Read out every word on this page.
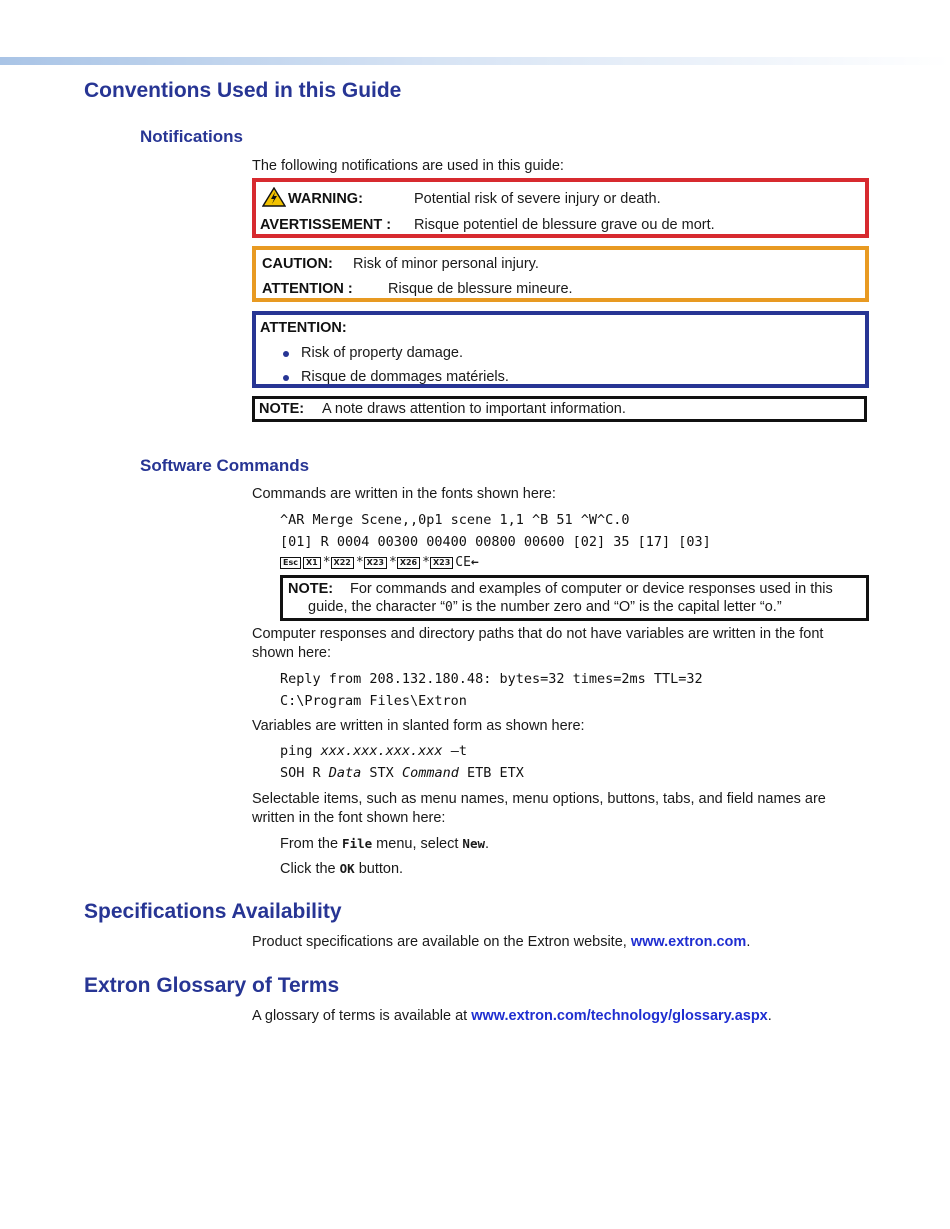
Conventions Used in this Guide
Notifications

The following notifications are used in this guide:

WARNING:	Potential risk of severe injury or death.
AVERTISSEMENT : Risque potentiel de blessure grave ou de mort.
CAUTION: Risk of minor personal injury.
ATTENTION : Risque de blessure mineure.
ATTENTION:
Risk of property damage.
Risque de dommages matériels.
NOTE: A note draws attention to important information.
Software Commands

Commands are written in the fonts shown here:

^AR Merge Scene,,0p1 scene 1,1 ^B 51 ^W^C.0
[01] R 0004 00300 00400 00800 00600 [02] 35 [17] [03]
Esc X1 * X22 * X23 * X26 * X23 CE←
NOTE: For commands and examples of computer or device responses used in this
guide, the character “0” is the number zero and “O” is the capital letter “o.”

Computer responses and directory paths that do not have variables are written in the font
shown here:

Reply from 208.132.180.48: bytes=32 times=2ms TTL=32
C:\Program Files\Extron

Variables are written in slanted form as shown here:

ping xxx.xxx.xxx.xxx —t
SOH R Data STX Command ETB ETX

Selectable items, such as menu names, menu options, buttons, tabs, and field names are
written in the font shown here:

From the File menu, select New.

Click the OK button.

Specifications Availability

Product specifications are available on the Extron website, www.extron.com.

Extron Glossary of Terms

A glossary of terms is available at www.extron.com/technology/glossary.aspx.
